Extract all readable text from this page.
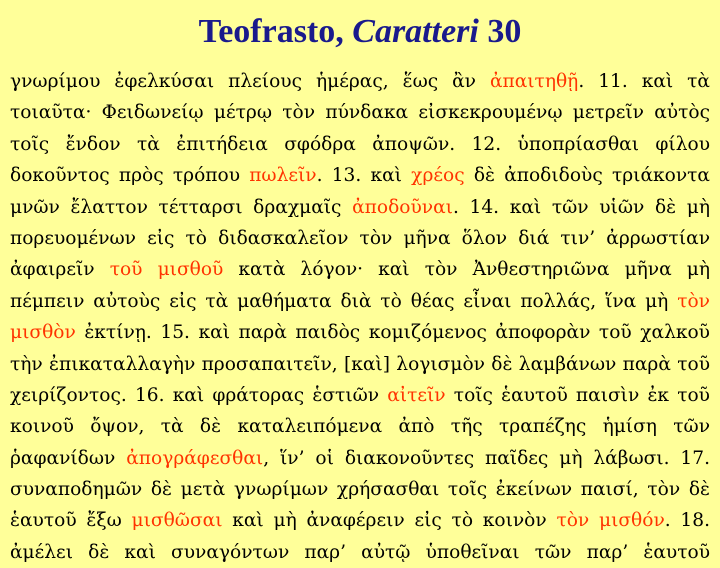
Teofrasto, Caratteri 30
γνωρίμου ἐφελκύσαι πλείους ἡμέρας, ἕως ἂν ἀπαιτηθῇ. 11. καὶ τὰ
τοιαῦτα· Φειδωνείῳ μέτρῳ τὸν πύνδακα εἰσκεκρουμένῳ μετρεῖν αὐτὸς
τοῖς ἔνδον τὰ ἐπιτήδεια σφόδρα ἀποψῶν. 12. ὑποπρίασθαι φίλου
δοκοῦντος πρὸς τρόπου πωλεῖν. 13. καὶ χρέος δὲ ἀποδιδοὺς τριάκοντα
μνῶν ἔλαττον τέτταρσι δραχμαῖς ἀποδοῦναι. 14. καὶ τῶν υἱῶν δὲ μὴ
πορευομένων εἰς τὸ διδασκαλεῖον τὸν μῆνα ὅλον διά τιν’ ἀρρωστίαν
ἀφαιρεῖν τοῦ μισθοῦ κατὰ λόγον· καὶ τὸν Ἀνθεστηριῶνα μῆνα μὴ
πέμπειν αὐτοὺς εἰς τὰ μαθήματα διὰ τὸ θέας εἶναι πολλάς, ἵνα μὴ τὸν
μισθὸν ἐκτίνῃ. 15. καὶ παρὰ παιδὸς κομιζόμενος ἀποφορὰν τοῦ χαλκοῦ
τὴν ἐπικαταλλαγὴν προσαπαιτεῖν, [καὶ] λογισμὸν δὲ λαμβάνων παρὰ τοῦ
χειρίζοντος. 16. καὶ φράτορας ἑστιῶν αἰτεῖν τοῖς ἑαυτοῦ παισὶν ἐκ τοῦ
κοινοῦ ὄψον, τὰ δὲ καταλειπόμενα ἀπὸ τῆς τραπέζης ἡμίση τῶν
ῥαφανίδων ἀπογράφεσθαι, ἵν’ οἱ διακονοῦντες παῖδες μὴ λάβωσι. 17.
συναποδημῶν δὲ μετὰ γνωρίμων χρήσασθαι τοῖς ἐκείνων παισί, τὸν δὲ
ἑαυτοῦ ἔξω μισθῶσαι καὶ μὴ ἀναφέρειν εἰς τὸ κοινὸν τὸν μισθόν. 18.
ἀμέλει δὲ καὶ συναγόντων παρ’ αὐτῷ ὑποθεῖναι τῶν παρ’ ἑαυτοῦ
